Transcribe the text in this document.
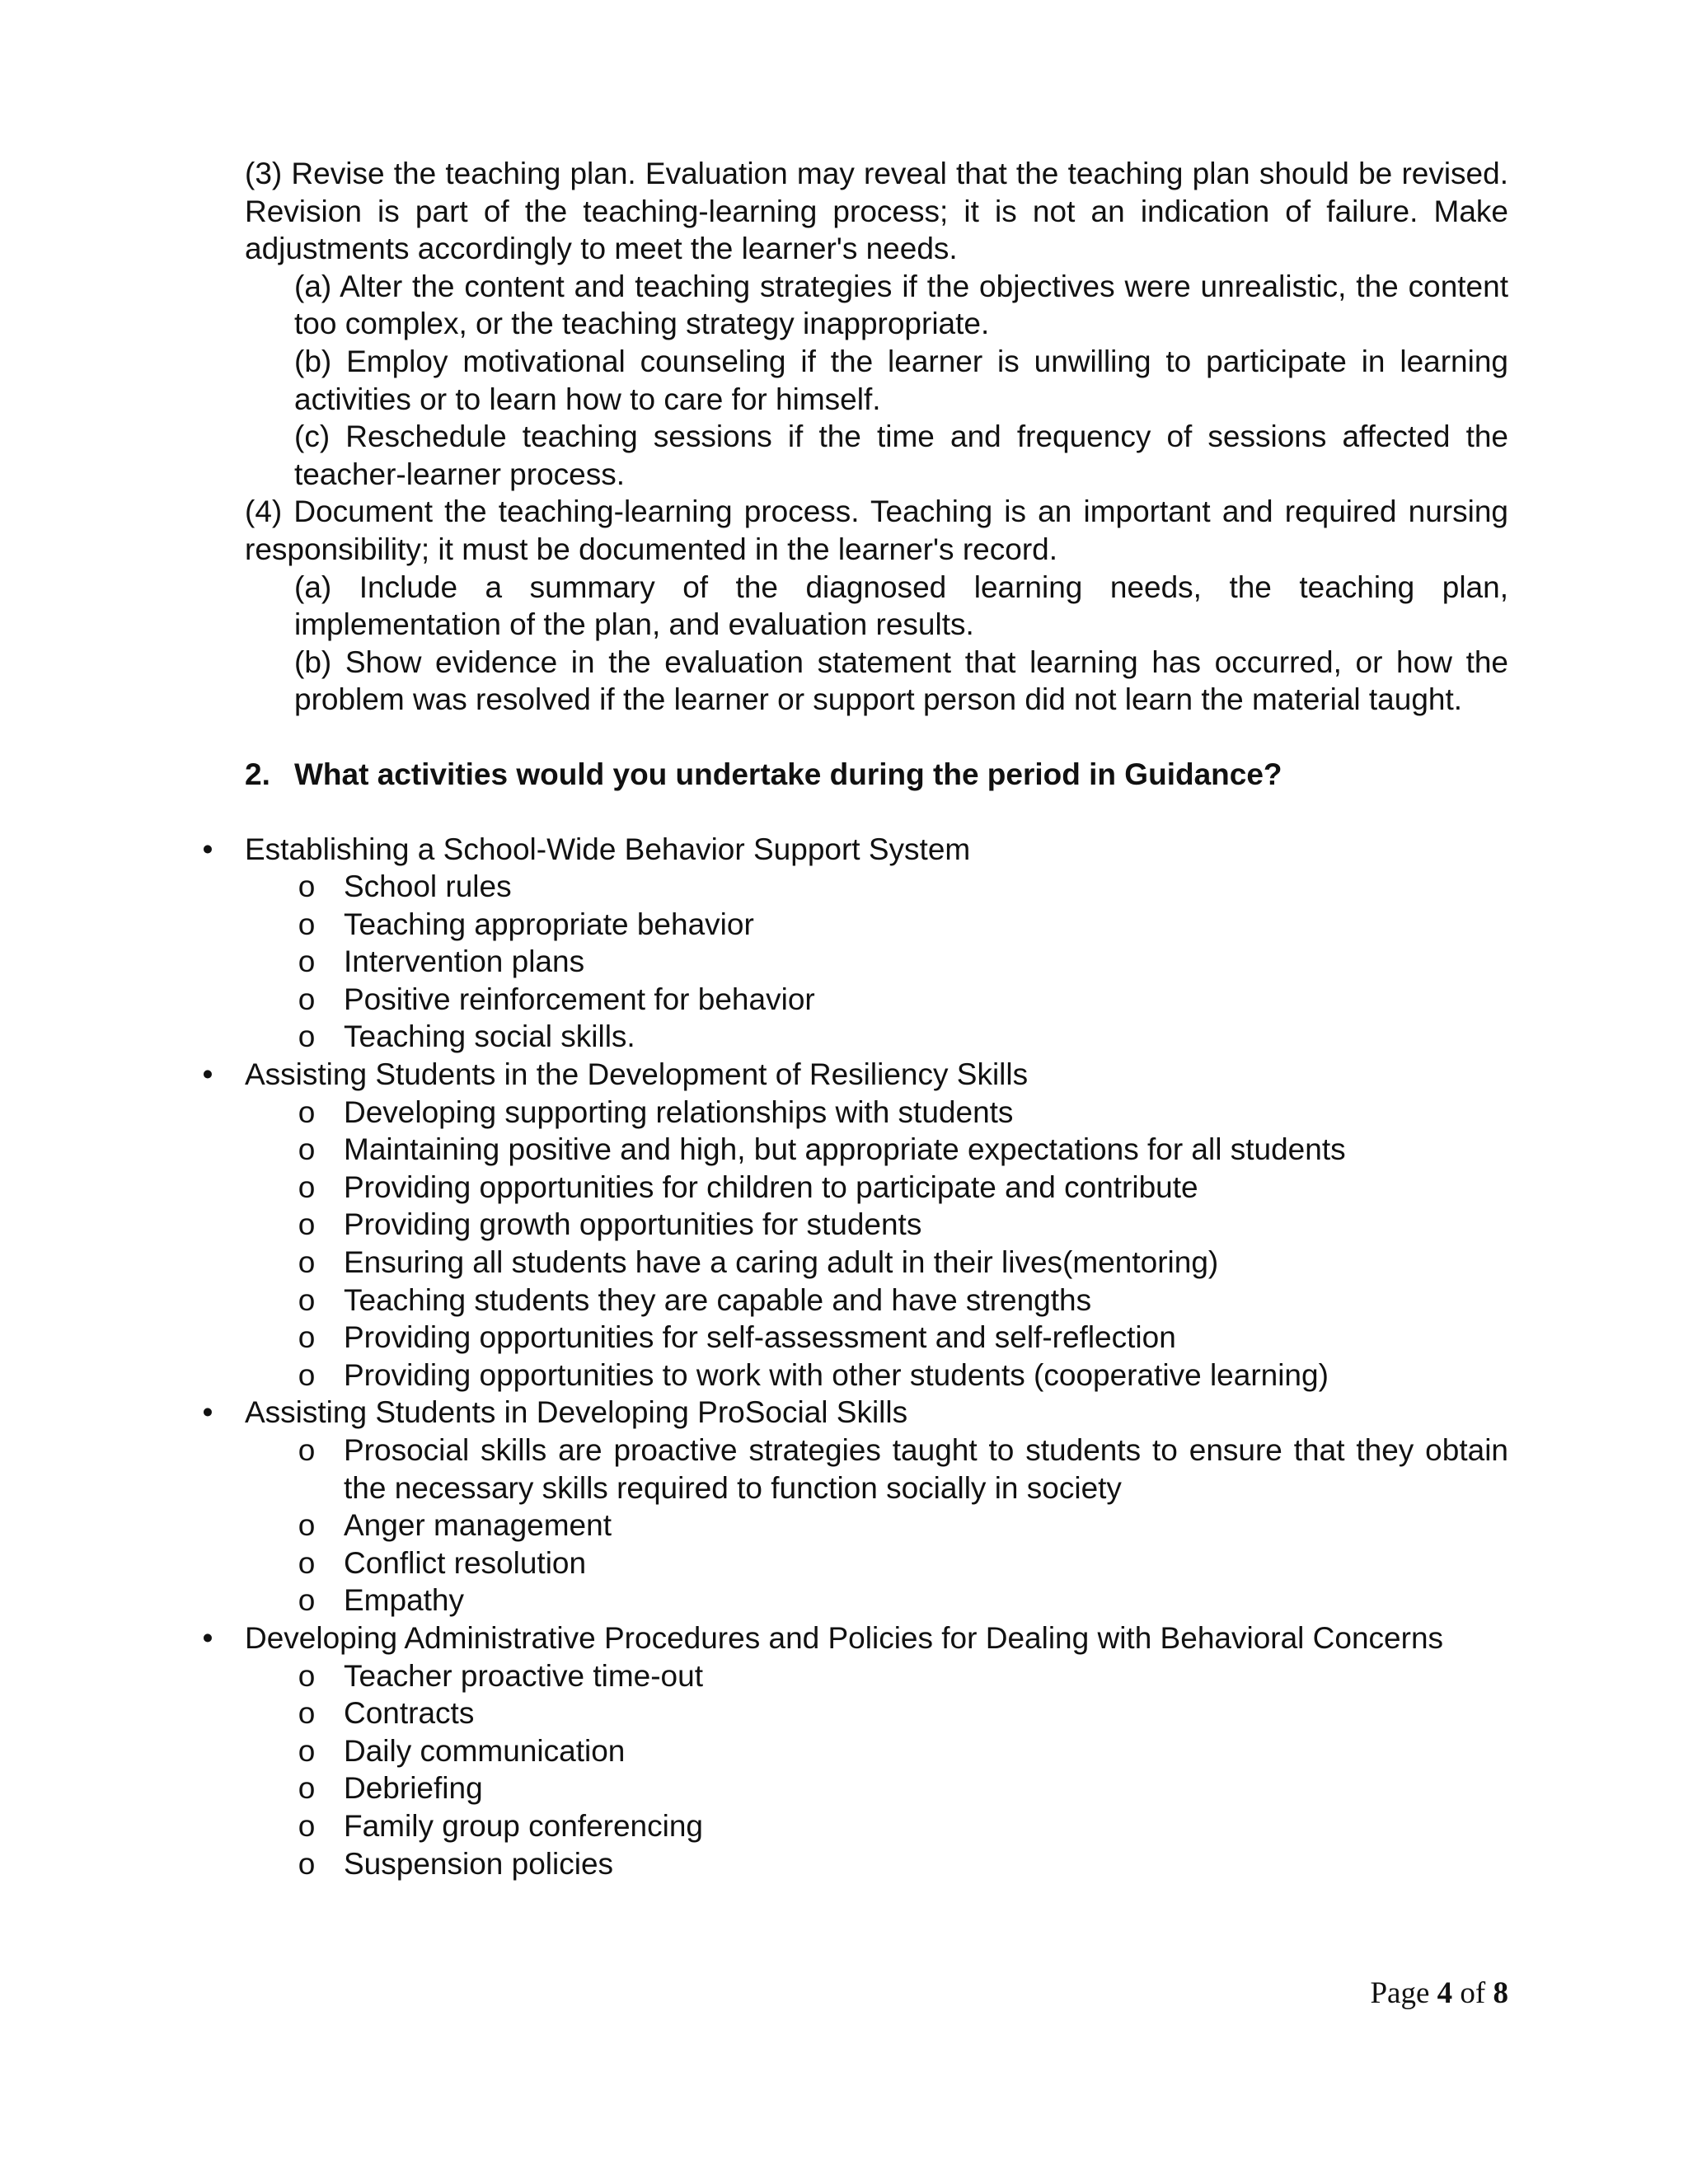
(3) Revise the teaching plan. Evaluation may reveal that the teaching plan should be revised. Revision is part of the teaching-learning process; it is not an indication of failure. Make adjustments accordingly to meet the learner's needs.

(a) Alter the content and teaching strategies if the objectives were unrealistic, the content too complex, or the teaching strategy inappropriate.

(b) Employ motivational counseling if the learner is unwilling to participate in learning activities or to learn how to care for himself.

(c) Reschedule teaching sessions if the time and frequency of sessions affected the teacher-learner process.

(4) Document the teaching-learning process. Teaching is an important and required nursing responsibility; it must be documented in the learner's record.

(a) Include a summary of the diagnosed learning needs, the teaching plan, implementation of the plan, and evaluation results.

(b) Show evidence in the evaluation statement that learning has occurred, or how the problem was resolved if the learner or support person did not learn the material taught.

2. What activities would you undertake during the period in Guidance?
• Establishing a School-Wide Behavior Support System
o School rules
o Teaching appropriate behavior
o Intervention plans
o Positive reinforcement for behavior
o Teaching social skills.
• Assisting Students in the Development of Resiliency Skills
o Developing supporting relationships with students
o Maintaining positive and high, but appropriate expectations for all students
o Providing opportunities for children to participate and contribute
o Providing growth opportunities for students
o Ensuring all students have a caring adult in their lives(mentoring)
o Teaching students they are capable and have strengths
o Providing opportunities for self-assessment and self-reflection
o Providing opportunities to work with other students (cooperative learning)
• Assisting Students in Developing ProSocial Skills
o Prosocial skills are proactive strategies taught to students to ensure that they obtain the necessary skills required to function socially in society
o Anger management
o Conflict resolution
o Empathy
• Developing Administrative Procedures and Policies for Dealing with Behavioral Concerns
o Teacher proactive time-out
o Contracts
o Daily communication
o Debriefing
o Family group conferencing
o Suspension policies
Page 4 of 8
